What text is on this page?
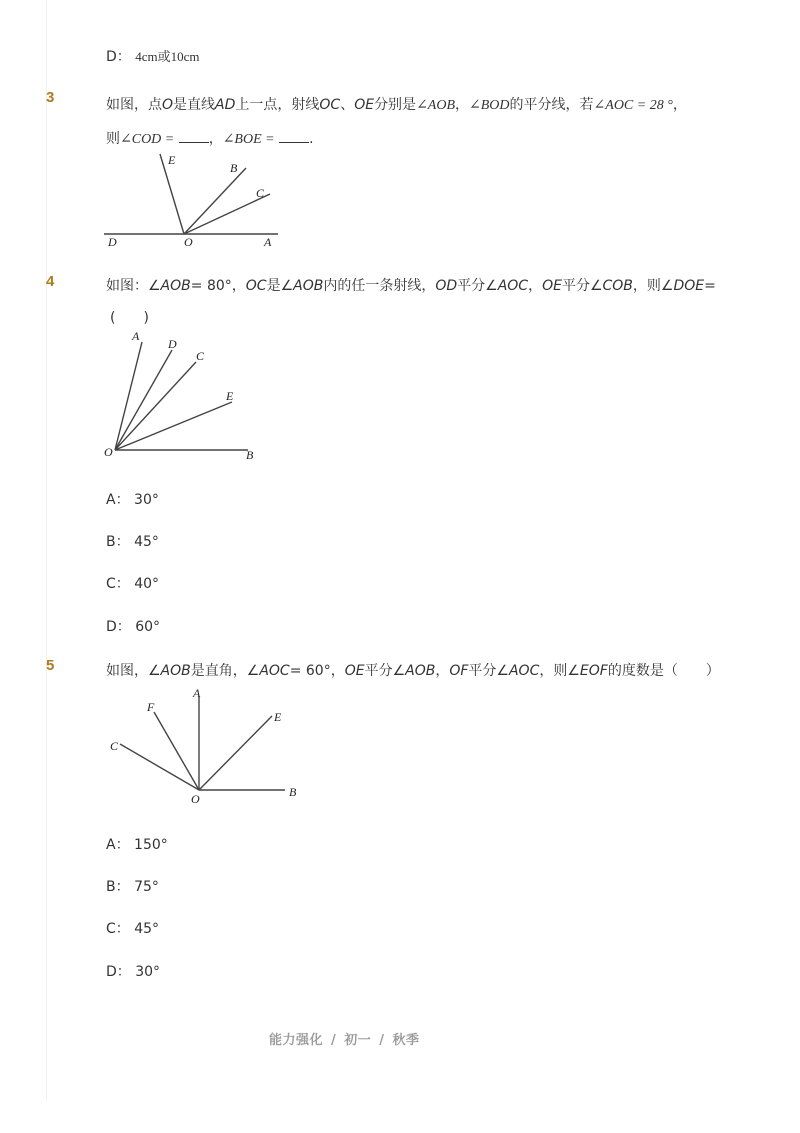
D： 4cm或10cm
3	如图，点O是直线AD上一点，射线OC、OE分别是∠AOB，∠BOD的平分线，若∠AOC = 28 °，
则∠COD = ，∠BOE = .
E
B
C
D	O	A
4	如图：∠AOB= 80°，OC是∠AOB内的任一条射线，OD平分∠AOC，OE平分∠COB，则∠DOE=
(　　)
A
D
C
E
O	B
A： 30°
B： 45°
C： 40°
D： 60°
5	如图，∠AOB是直角，∠AOC= 60°，OE平分∠AOB，OF平分∠AOC，则∠EOF的度数是（　　）
F
A
E
C
O	B
A： 150°
B： 75°
C： 45°
D： 30°
能力强化 / 初一 / 秋季
